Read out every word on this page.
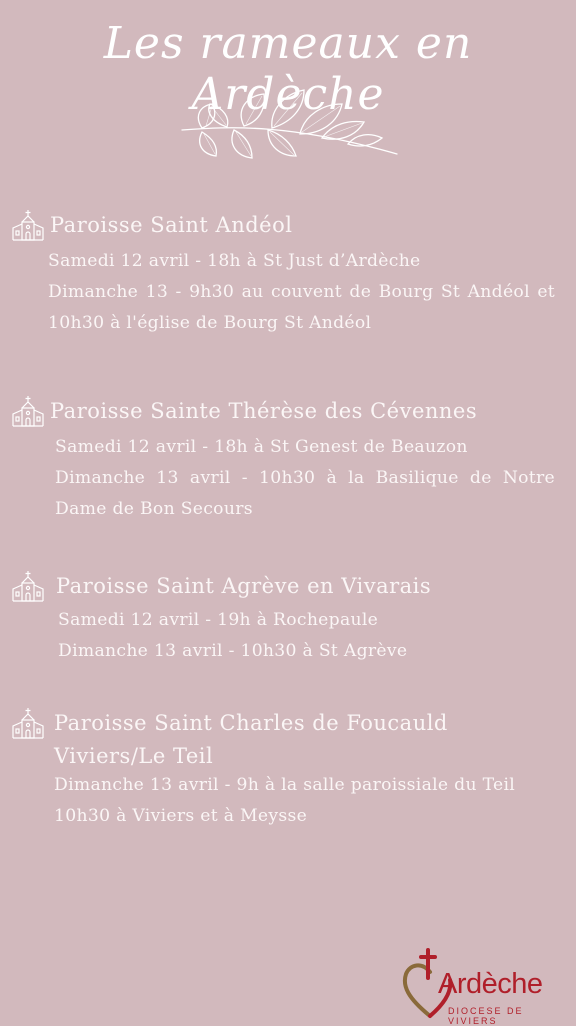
Les rameaux en Ardèche
Paroisse Saint Andéol
Samedi 12 avril - 18h à St Just d’Ardèche
Dimanche 13 - 9h30 au couvent de Bourg St Andéol et 10h30 à l'église de Bourg St Andéol
Paroisse Sainte Thérèse des Cévennes
Samedi 12 avril - 18h à St Genest de Beauzon
Dimanche 13 avril - 10h30 à la Basilique de Notre Dame de Bon Secours
Paroisse Saint Agrève en Vivarais
Samedi 12 avril - 19h à Rochepaule
Dimanche 13 avril - 10h30 à St Agrève
Paroisse Saint Charles de Foucauld
Viviers/Le Teil
Dimanche 13 avril - 9h à la salle paroissiale du Teil
10h30 à Viviers et à Meysse
Ardèche
DIOCESE DE VIVIERS
